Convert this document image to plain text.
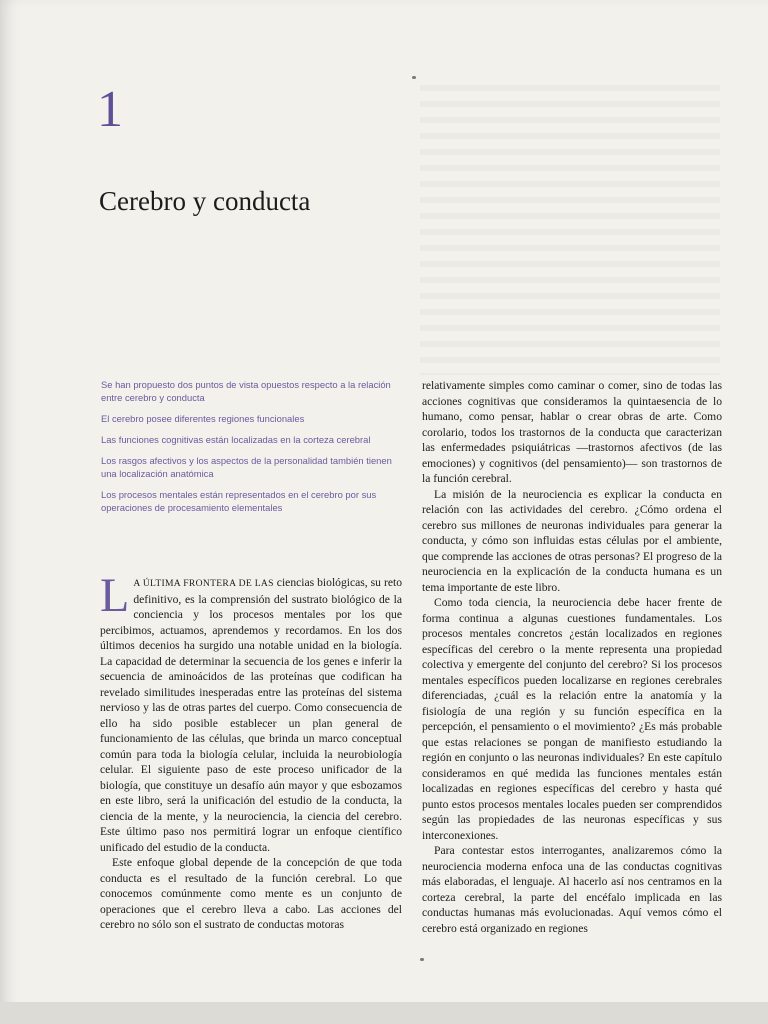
1
Cerebro y conducta
Se han propuesto dos puntos de vista opuestos respecto a la relación entre cerebro y conducta
El cerebro posee diferentes regiones funcionales
Las funciones cognitivas están localizadas en la corteza cerebral
Los rasgos afectivos y los aspectos de la personalidad también tienen una localización anatómica
Los procesos mentales están representados en el cerebro por sus operaciones de procesamiento elementales

L A ÚLTIMA FRONTERA DE LAS ciencias biológicas, su reto definitivo, es la comprensión del sustrato biológico de la conciencia y los procesos mentales por los que percibimos, actuamos, aprendemos y recordamos. En los dos últimos decenios ha surgido una notable unidad en la biología. La capacidad de determinar la secuencia de los genes e inferir la secuencia de aminoácidos de las proteínas que codifican ha revelado similitudes inesperadas entre las proteínas del sistema nervioso y las de otras partes del cuerpo. Como consecuencia de ello ha sido posible establecer un plan general de funcionamiento de las células, que brinda un marco conceptual común para toda la biología celular, incluida la neurobiología celular. El siguiente paso de este proceso unificador de la biología, que constituye un desafío aún mayor y que esbozamos en este libro, será la unificación del estudio de la conducta, la ciencia de la mente, y la neurociencia, la ciencia del cerebro. Este último paso nos permitirá lograr un enfoque científico unificado del estudio de la conducta.

Este enfoque global depende de la concepción de que toda conducta es el resultado de la función cerebral. Lo que conocemos comúnmente como mente es un conjunto de operaciones que el cerebro lleva a cabo. Las acciones del cerebro no sólo son el sustrato de conductas motoras

relativamente simples como caminar o comer, sino de todas las acciones cognitivas que consideramos la quintaesencia de lo humano, como pensar, hablar o crear obras de arte. Como corolario, todos los trastornos de la conducta que caracterizan las enfermedades psiquiátricas —trastornos afectivos (de las emociones) y cognitivos (del pensamiento)— son trastornos de la función cerebral.

La misión de la neurociencia es explicar la conducta en relación con las actividades del cerebro. ¿Cómo ordena el cerebro sus millones de neuronas individuales para generar la conducta, y cómo son influidas estas células por el ambiente, que comprende las acciones de otras personas? El progreso de la neurociencia en la explicación de la conducta humana es un tema importante de este libro.

Como toda ciencia, la neurociencia debe hacer frente de forma continua a algunas cuestiones fundamentales. Los procesos mentales concretos ¿están localizados en regiones específicas del cerebro o la mente representa una propiedad colectiva y emergente del conjunto del cerebro? Si los procesos mentales específicos pueden localizarse en regiones cerebrales diferenciadas, ¿cuál es la relación entre la anatomía y la fisiología de una región y su función específica en la percepción, el pensamiento o el movimiento? ¿Es más probable que estas relaciones se pongan de manifiesto estudiando la región en conjunto o las neuronas individuales? En este capítulo consideramos en qué medida las funciones mentales están localizadas en regiones específicas del cerebro y hasta qué punto estos procesos mentales locales pueden ser comprendidos según las propiedades de las neuronas específicas y sus interconexiones.

Para contestar estos interrogantes, analizaremos cómo la neurociencia moderna enfoca una de las conductas cognitivas más elaboradas, el lenguaje. Al hacerlo así nos centramos en la corteza cerebral, la parte del encéfalo implicada en las conductas humanas más evolucionadas. Aquí vemos cómo el cerebro está organizado en regiones
